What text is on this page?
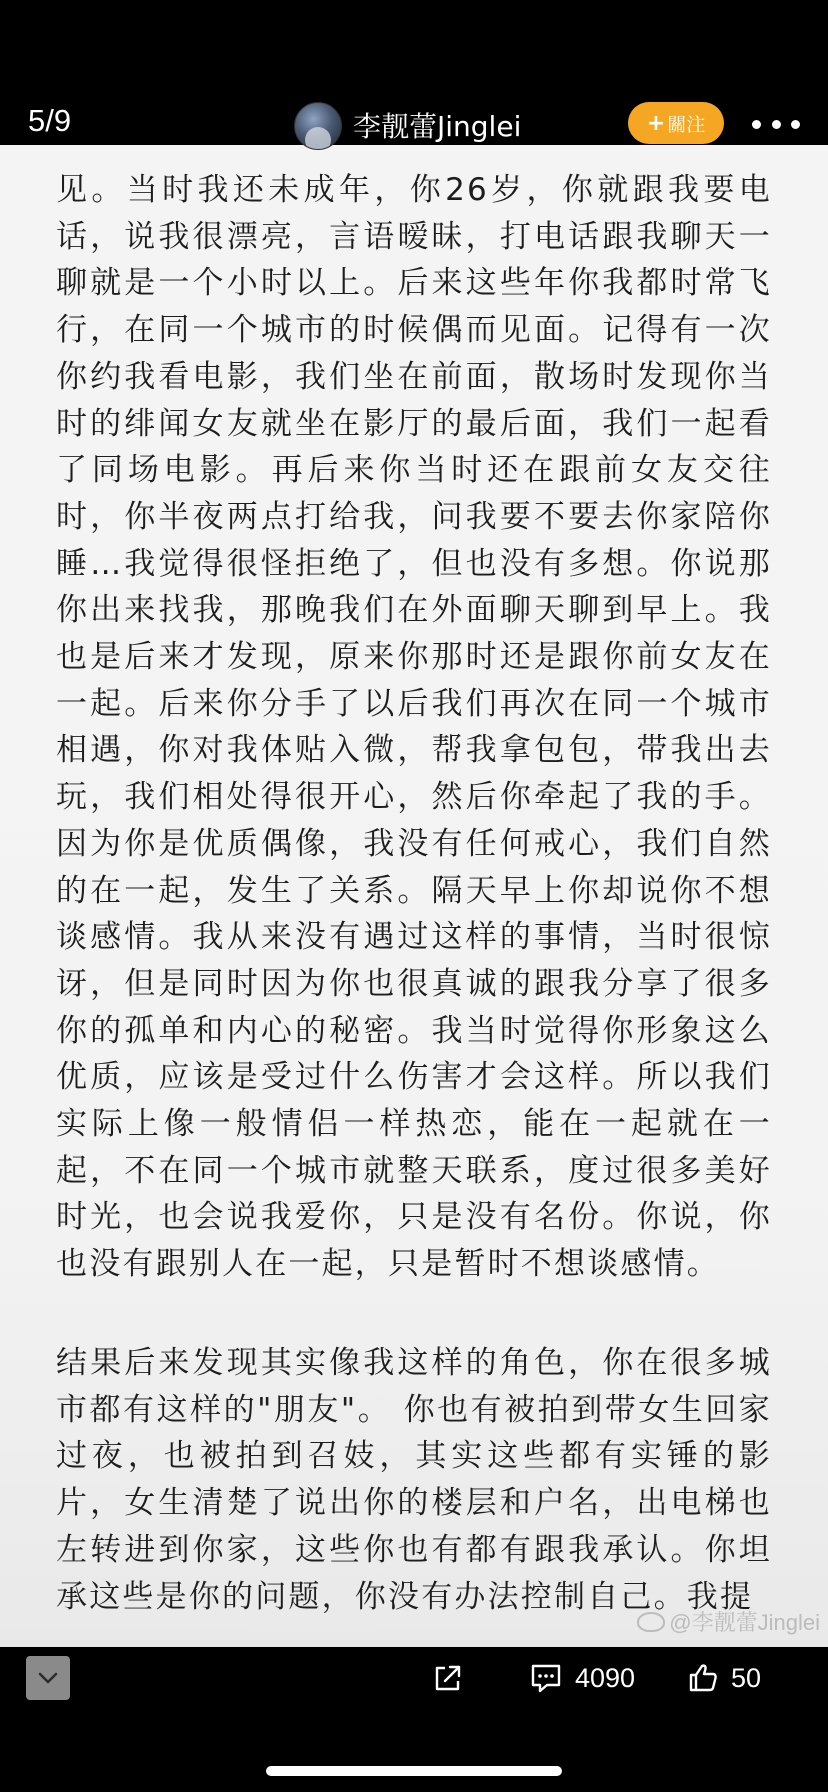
5/9	李靓蕾Jinglei	+ 關注

见。当时我还未成年，你26岁，你就跟我要电话，说我很漂亮，言语暧昧，打电话跟我聊天一聊就是一个小时以上。后来这些年你我都时常飞行，在同一个城市的时候偶而见面。记得有一次你约我看电影，我们坐在前面，散场时发现你当时的绯闻女友就坐在影厅的最后面，我们一起看了同场电影。再后来你当时还在跟前女友交往时，你半夜两点打给我，问我要不要去你家陪你睡…我觉得很怪拒绝了，但也没有多想。你说那你出来找我，那晚我们在外面聊天聊到早上。我也是后来才发现，原来你那时还是跟你前女友在一起。后来你分手了以后我们再次在同一个城市相遇，你对我体贴入微，帮我拿包包，带我出去玩，我们相处得很开心，然后你牵起了我的手。因为你是优质偶像，我没有任何戒心，我们自然的在一起，发生了关系。隔天早上你却说你不想谈感情。我从来没有遇过这样的事情，当时很惊讶，但是同时因为你也很真诚的跟我分享了很多你的孤单和内心的秘密。我当时觉得你形象这么优质，应该是受过什么伤害才会这样。所以我们实际上像一般情侣一样热恋，能在一起就在一起，不在同一个城市就整天联系，度过很多美好时光，也会说我爱你，只是没有名份。你说，你也没有跟别人在一起，只是暂时不想谈感情。

结果后来发现其实像我这样的角色，你在很多城市都有这样的"朋友"。 你也有被拍到带女生回家过夜，也被拍到召妓，其实这些都有实锤的影片，女生清楚了说出你的楼层和户名，出电梯也左转进到你家，这些你也有都有跟我承认。你坦承这些是你的问题，你没有办法控制自己。我提

@李靓蕾Jinglei
4090	50
